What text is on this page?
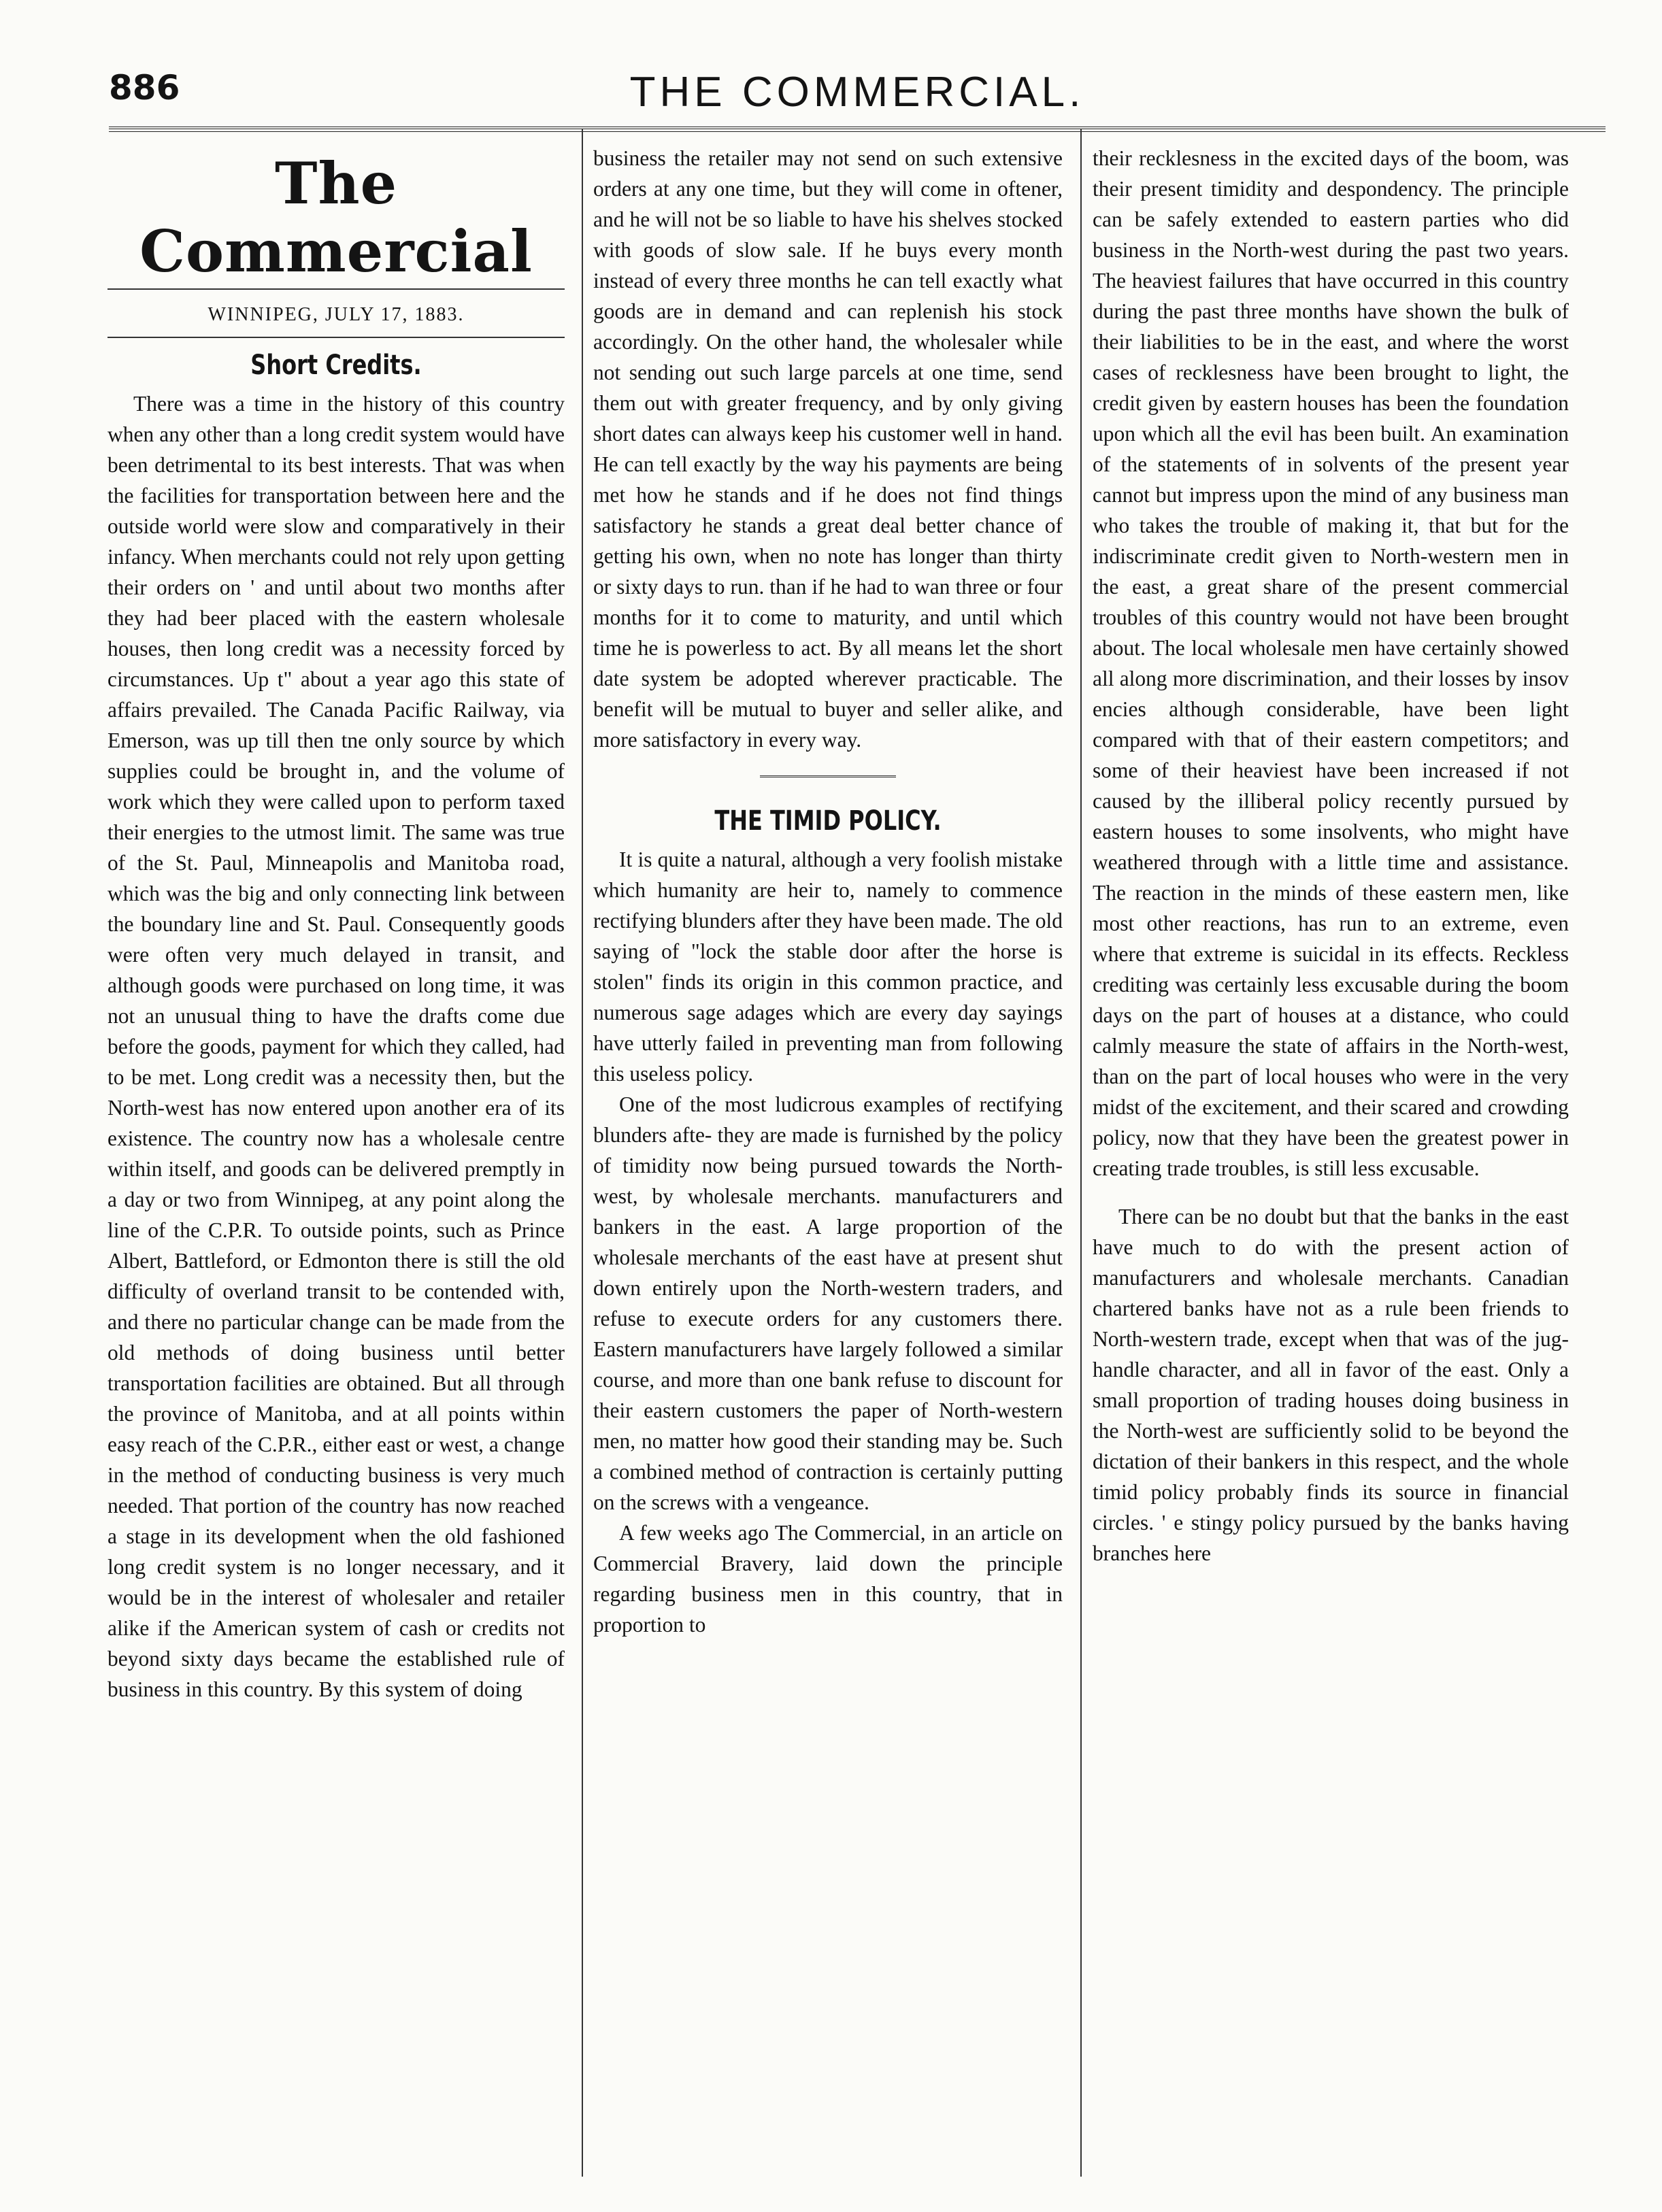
886	THE COMMERCIAL.
The Commercial
WINNIPEG, JULY 17, 1883.
Short Credits.

There was a time in the history of this country when any other than a long credit system would have been detrimental to its best interests. That was when the facilities for transportation between here and the outside world were slow and comparatively in their infancy. When merchants could not rely upon getting their orders on ' and until about two months after they had beer placed with the eastern wholesale houses, then long credit was a necessity forced by circumstances. Up t" about a year ago this state of affairs prevailed. The Canada Pacific Railway, via Emerson, was up till then tne only source by which supplies could be brought in, and the volume of work which they were called upon to perform taxed their energies to the utmost limit. The same was true of the St. Paul, Minneapolis and Manitoba road, which was the big and only connecting link between the boundary line and St. Paul. Consequently goods were often very much delayed in transit, and although goods were purchased on long time, it was not an unusual thing to have the drafts come due before the goods, payment for which they called, had to be met. Long credit was a necessity then, but the North-west has now entered upon another era of its existence. The country now has a wholesale centre within itself, and goods can be delivered premptly in a day or two from Winnipeg, at any point along the line of the C.P.R. To outside points, such as Prince Albert, Battleford, or Edmonton there is still the old difficulty of overland transit to be contended with, and there no particular change can be made from the old methods of doing business until better transportation facilities are obtained. But all through the province of Manitoba, and at all points within easy reach of the C.P.R., either east or west, a change in the method of conducting business is very much needed. That portion of the country has now reached a stage in its development when the old fashioned long credit system is no longer necessary, and it would be in the interest of wholesaler and retailer alike if the American system of cash or credits not beyond sixty days became the established rule of business in this country. By this system of doing

business the retailer may not send on such extensive orders at any one time, but they will come in oftener, and he will not be so liable to have his shelves stocked with goods of slow sale. If he buys every month instead of every three months he can tell exactly what goods are in demand and can replenish his stock accordingly. On the other hand, the wholesaler while not sending out such large parcels at one time, send them out with greater frequency, and by only giving short dates can always keep his customer well in hand. He can tell exactly by the way his payments are being met how he stands and if he does not find things satisfactory he stands a great deal better chance of getting his own, when no note has longer than thirty or sixty days to run. than if he had to wan three or four months for it to come to maturity, and until which time he is powerless to act. By all means let the short date system be adopted wherever practicable. The benefit will be mutual to buyer and seller alike, and more satisfactory in every way.

THE TIMID POLICY.

It is quite a natural, although a very foolish mistake which humanity are heir to, namely to commence rectifying blunders after they have been made. The old saying of "lock the stable door after the horse is stolen" finds its origin in this common practice, and numerous sage adages which are every day sayings have utterly failed in preventing man from following this useless policy.

One of the most ludicrous examples of rectifying blunders afte- they are made is furnished by the policy of timidity now being pursued towards the North-west, by wholesale merchants. manufacturers and bankers in the east. A large proportion of the wholesale merchants of the east have at present shut down entirely upon the North-western traders, and refuse to execute orders for any customers there. Eastern manufacturers have largely followed a similar course, and more than one bank refuse to discount for their eastern customers the paper of North-western men, no matter how good their standing may be. Such a combined method of contraction is certainly putting on the screws with a vengeance.

A few weeks ago The Commercial, in an article on Commercial Bravery, laid down the principle regarding business men in this country, that in proportion to

their recklesness in the excited days of the boom, was their present timidity and despondency. The principle can be safely extended to eastern parties who did business in the North-west during the past two years. The heaviest failures that have occurred in this country during the past three months have shown the bulk of their liabilities to be in the east, and where the worst cases of recklesness have been brought to light, the credit given by eastern houses has been the foundation upon which all the evil has been built. An examination of the statements of in solvents of the present year cannot but impress upon the mind of any business man who takes the trouble of making it, that but for the indiscriminate credit given to North-western men in the east, a great share of the present commercial troubles of this country would not have been brought about. The local wholesale men have certainly showed all along more discrimination, and their losses by insov encies although considerable, have been light compared with that of their eastern competitors; and some of their heaviest have been increased if not caused by the illiberal policy recently pursued by eastern houses to some insolvents, who might have weathered through with a little time and assistance. The reaction in the minds of these eastern men, like most other reactions, has run to an extreme, even where that extreme is suicidal in its effects. Reckless crediting was certainly less excusable during the boom days on the part of houses at a distance, who could calmly measure the state of affairs in the North-west, than on the part of local houses who were in the very midst of the excitement, and their scared and crowding policy, now that they have been the greatest power in creating trade troubles, is still less excusable.

There can be no doubt but that the banks in the east have much to do with the present action of manufacturers and wholesale merchants. Canadian chartered banks have not as a rule been friends to North-western trade, except when that was of the jug-handle character, and all in favor of the east. Only a small proportion of trading houses doing business in the North-west are sufficiently solid to be beyond the dictation of their bankers in this respect, and the whole timid policy probably finds its source in financial circles. ' e stingy policy pursued by the banks having branches here
